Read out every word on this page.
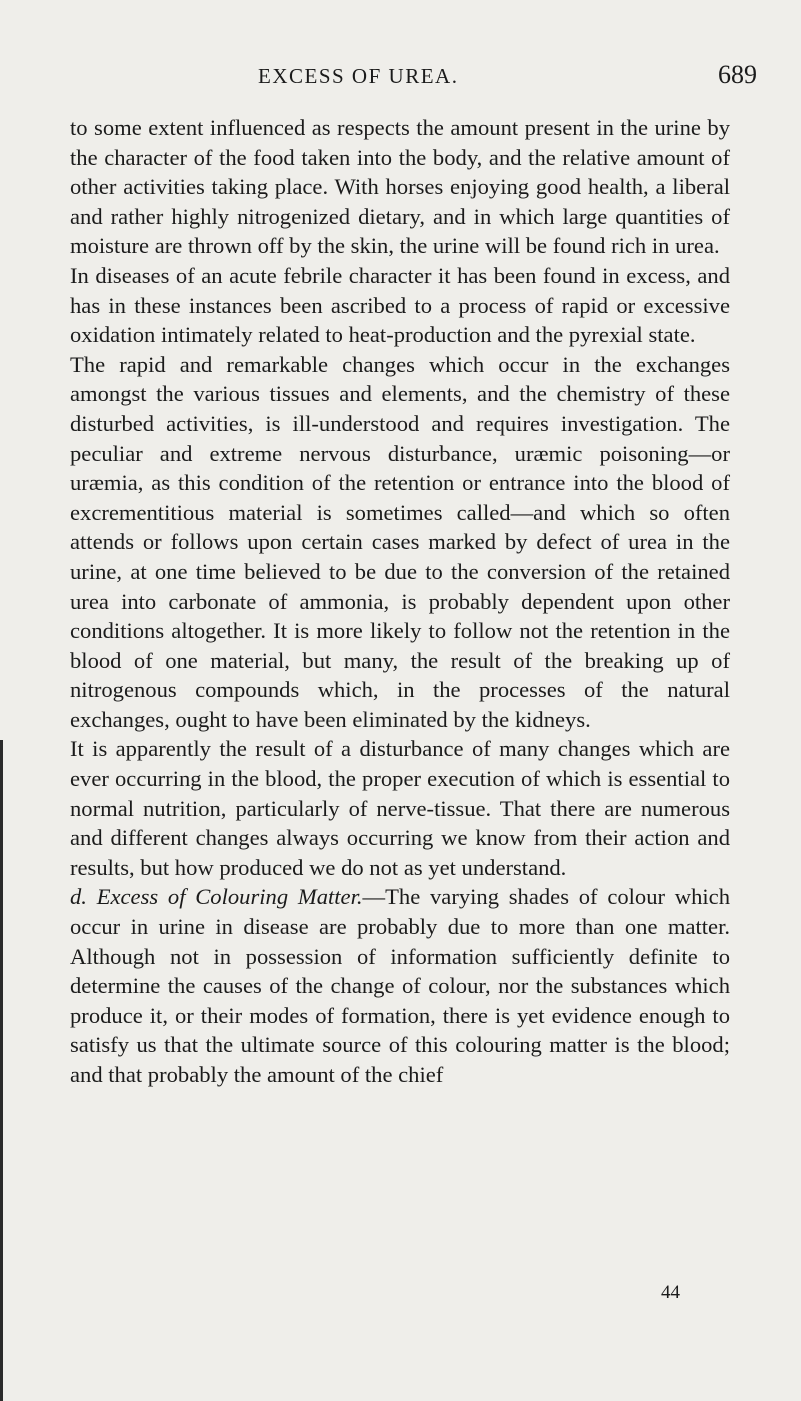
EXCESS OF UREA.	689

to some extent influenced as respects the amount present in the urine by the character of the food taken into the body, and the relative amount of other activities taking place. With horses enjoying good health, a liberal and rather highly nitrogenized dietary, and in which large quantities of moisture are thrown off by the skin, the urine will be found rich in urea.

In diseases of an acute febrile character it has been found in excess, and has in these instances been ascribed to a process of rapid or excessive oxidation intimately related to heat-production and the pyrexial state.

The rapid and remarkable changes which occur in the exchanges amongst the various tissues and elements, and the chemistry of these disturbed activities, is ill-understood and requires investigation. The peculiar and extreme nervous disturbance, uræmic poisoning—or uræmia, as this condition of the retention or entrance into the blood of excrementitious material is sometimes called—and which so often attends or follows upon certain cases marked by defect of urea in the urine, at one time believed to be due to the conversion of the retained urea into carbonate of ammonia, is probably dependent upon other conditions altogether. It is more likely to follow not the retention in the blood of one material, but many, the result of the breaking up of nitrogenous compounds which, in the processes of the natural exchanges, ought to have been eliminated by the kidneys.

It is apparently the result of a disturbance of many changes which are ever occurring in the blood, the proper execution of which is essential to normal nutrition, particularly of nerve-tissue. That there are numerous and different changes always occurring we know from their action and results, but how produced we do not as yet understand.

d. Excess of Colouring Matter.—The varying shades of colour which occur in urine in disease are probably due to more than one matter. Although not in possession of information sufficiently definite to determine the causes of the change of colour, nor the substances which produce it, or their modes of formation, there is yet evidence enough to satisfy us that the ultimate source of this colouring matter is the blood; and that probably the amount of the chief

44
